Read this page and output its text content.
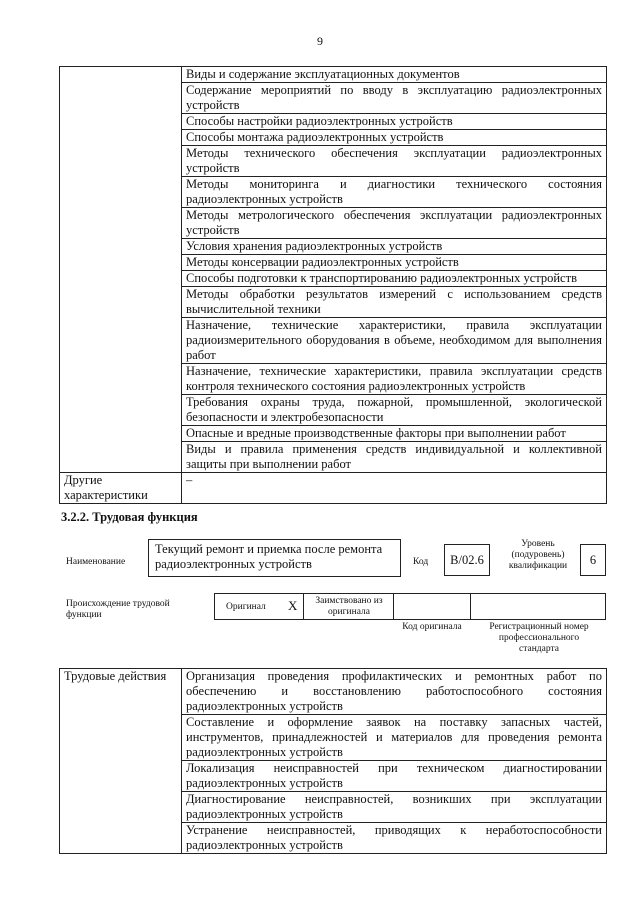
9
	Виды и содержание эксплуатационных документов
	Содержание мероприятий по вводу в эксплуатацию радиоэлектронных устройств
	Способы настройки радиоэлектронных устройств
	Способы монтажа радиоэлектронных устройств
	Методы технического обеспечения эксплуатации радиоэлектронных устройств
	Методы мониторинга и диагностики технического состояния радиоэлектронных устройств
	Методы метрологического обеспечения эксплуатации радиоэлектронных устройств
	Условия хранения радиоэлектронных устройств
	Методы консервации радиоэлектронных устройств
	Способы подготовки к транспортированию радиоэлектронных устройств
	Методы обработки результатов измерений с использованием средств вычислительной техники
	Назначение, технические характеристики, правила эксплуатации радиоизмерительного оборудования в объеме, необходимом для выполнения работ
	Назначение, технические характеристики, правила эксплуатации средств контроля технического состояния радиоэлектронных устройств
	Требования охраны труда, пожарной, промышленной, экологической безопасности и электробезопасности
	Опасные и вредные производственные факторы при выполнении работ
	Виды и правила применения средств индивидуальной и коллективной защиты при выполнении работ
Другие характеристики	–
3.2.2. Трудовая функция
Наименование
Текущий ремонт и приемка после ремонта радиоэлектронных устройств	Код	B/02.6
Уровень (подуровень) квалификации	6
Происхождение трудовой функции
Оригинал X	Заимствовано из оригинала
Код оригинала	Регистрационный номер профессионального стандарта
Трудовые действия	Организация проведения профилактических и ремонтных работ по обеспечению и восстановлению работоспособного состояния радиоэлектронных устройств
Составление и оформление заявок на поставку запасных частей, инструментов, принадлежностей и материалов для проведения ремонта радиоэлектронных устройств
Локализация неисправностей при техническом диагностировании радиоэлектронных устройств
Диагностирование неисправностей, возникших при эксплуатации радиоэлектронных устройств
Устранение неисправностей, приводящих к неработоспособности радиоэлектронных устройств
